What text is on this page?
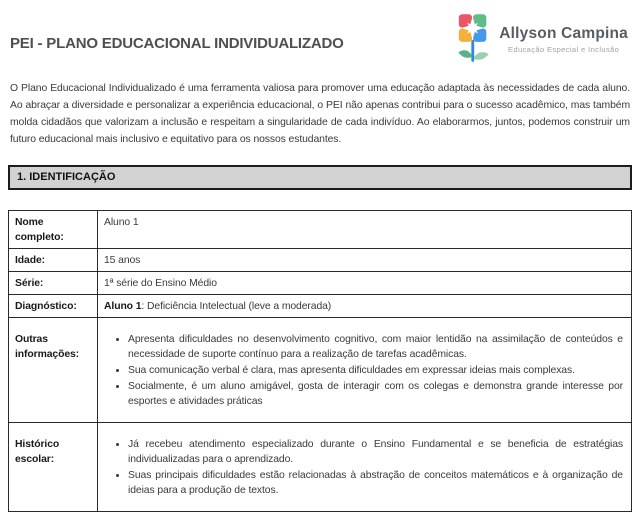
PEI - PLANO EDUCACIONAL INDIVIDUALIZADO
Allyson Campina
Educação Especial e Inclusão

O Plano Educacional Individualizado é uma ferramenta valiosa para promover uma educação adaptada às necessidades de cada aluno. Ao abraçar a diversidade e personalizar a experiência educacional, o PEI não apenas contribui para o sucesso acadêmico, mas também molda cidadãos que valorizam a inclusão e respeitam a singularidade de cada indivíduo. Ao elaborarmos, juntos, podemos construir um futuro educacional mais inclusivo e equitativo para os nossos estudantes.

1. IDENTIFICAÇÃO
Nome completo:	Aluno 1
Idade:	15 anos
Série:	1ª série do Ensino Médio
Diagnóstico:	Aluno 1: Deficiência Intelectual (leve a moderada)
Outras informações:	
• Apresenta dificuldades no desenvolvimento cognitivo, com maior lentidão na assimilação de conteúdos e necessidade de suporte contínuo para a realização de tarefas acadêmicas.
• Sua comunicação verbal é clara, mas apresenta dificuldades em expressar ideias mais complexas.
• Socialmente, é um aluno amigável, gosta de interagir com os colegas e demonstra grande interesse por esportes e atividades práticas

Histórico escolar:	
• Já recebeu atendimento especializado durante o Ensino Fundamental e se beneficia de estratégias individualizadas para o aprendizado.
• Suas principais dificuldades estão relacionadas à abstração de conceitos matemáticos e à organização de ideias para a produção de textos.
